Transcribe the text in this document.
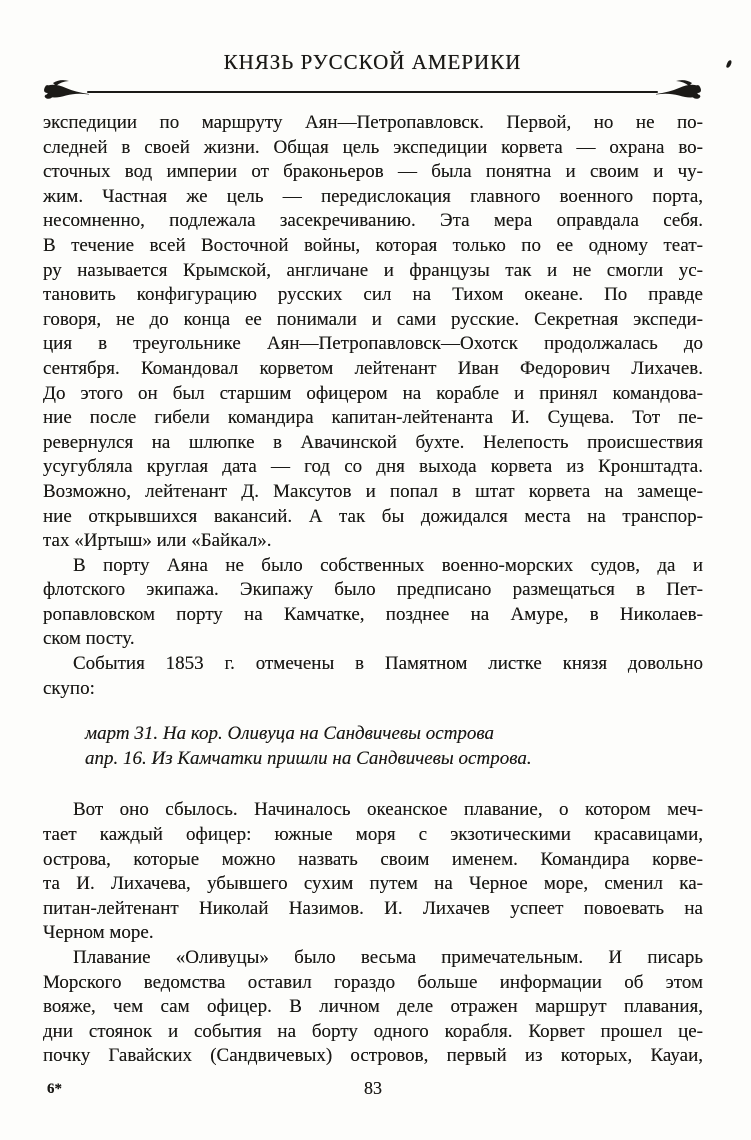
КНЯЗЬ РУССКОЙ АМЕРИКИ
экспедиции по маршруту Аян—Петропавловск. Первой, но не по-
следней в своей жизни. Общая цель экспедиции корвета — охрана во-
сточных вод империи от браконьеров — была понятна и своим и чу-
жим. Частная же цель — передислокация главного военного порта,
несомненно, подлежала засекречиванию. Эта мера оправдала себя.
В течение всей Восточной войны, которая только по ее одному теат-
ру называется Крымской, англичане и французы так и не смогли ус-
тановить конфигурацию русских сил на Тихом океане. По правде
говоря, не до конца ее понимали и сами русские. Секретная экспеди-
ция в треугольнике Аян—Петропавловск—Охотск продолжалась до
сентября. Командовал корветом лейтенант Иван Федорович Лихачев.
До этого он был старшим офицером на корабле и принял командова-
ние после гибели командира капитан-лейтенанта И. Сущева. Тот пе-
ревернулся на шлюпке в Авачинской бухте. Нелепость происшествия
усугубляла круглая дата — год со дня выхода корвета из Кронштадта.
Возможно, лейтенант Д. Максутов и попал в штат корвета на замеще-
ние открывшихся вакансий. А так бы дожидался места на транспор-
тах «Иртыш» или «Байкал».
В порту Аяна не было собственных военно-морских судов, да и
флотского экипажа. Экипажу было предписано размещаться в Пет-
ропавловском порту на Камчатке, позднее на Амуре, в Николаев-
ском посту.
События 1853 г. отмечены в Памятном листке князя довольно
скупо:
март 31. На кор. Оливуца на Сандвичевы острова
апр. 16. Из Камчатки пришли на Сандвичевы острова.
Вот оно сбылось. Начиналось океанское плавание, о котором меч-
тает каждый офицер: южные моря с экзотическими красавицами,
острова, которые можно назвать своим именем. Командира корве-
та И. Лихачева, убывшего сухим путем на Черное море, сменил ка-
питан-лейтенант Николай Назимов. И. Лихачев успеет повоевать на
Черном море.
Плавание «Оливуцы» было весьма примечательным. И писарь
Морского ведомства оставил гораздо больше информации об этом
вояже, чем сам офицер. В личном деле отражен маршрут плавания,
дни стоянок и события на борту одного корабля. Корвет прошел це-
почку Гавайских (Сандвичевых) островов, первый из которых, Кауаи,
6*	83
